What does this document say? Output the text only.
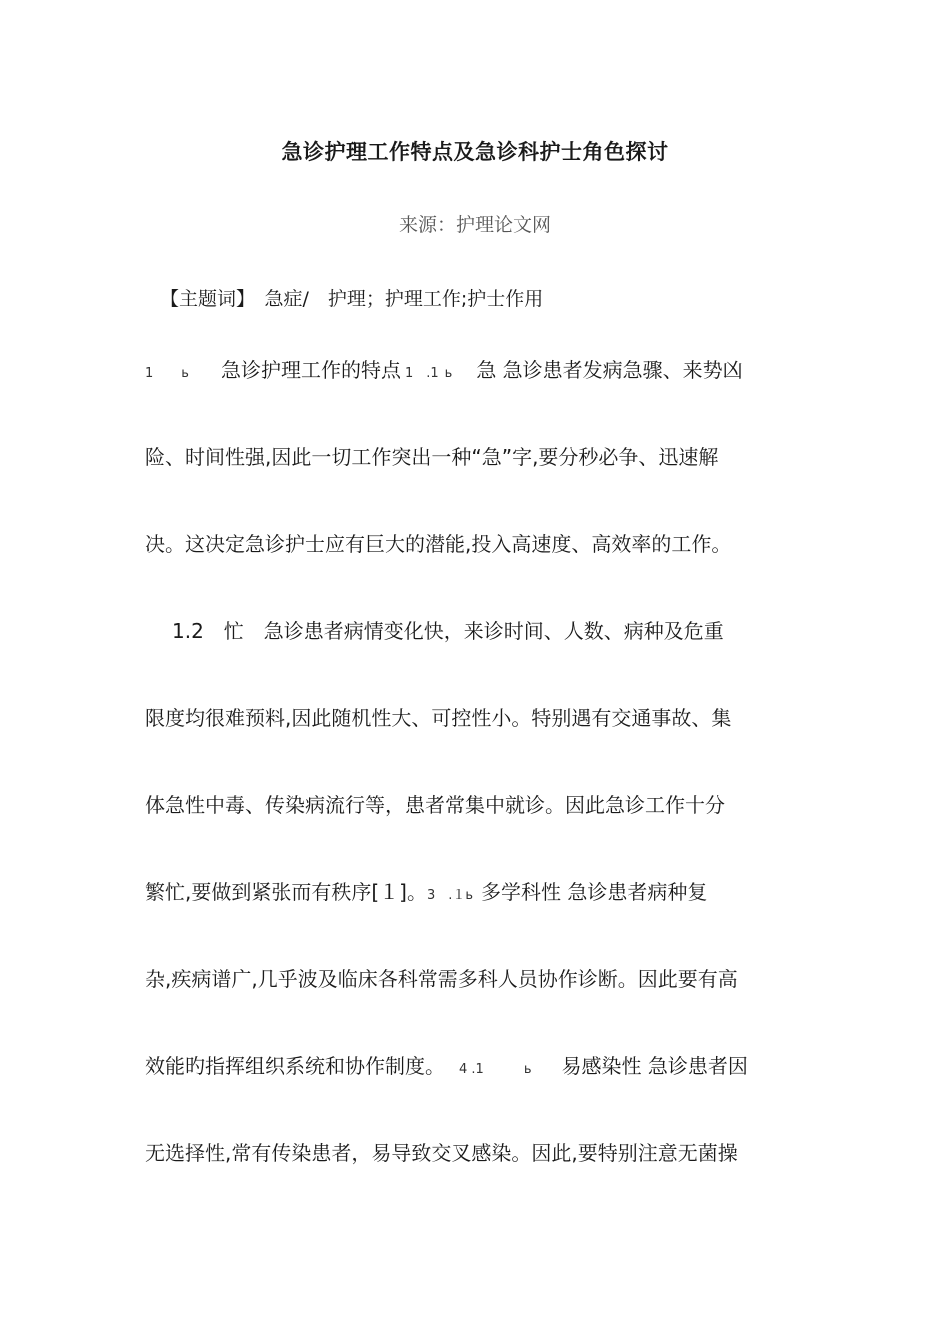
急诊护理工作特点及急诊科护士角色探讨
来源：护理论文网
【主题词】　急症/　护理；护理工作;护士作用
1 ь 急诊护理工作的特点 1　.1 ь 急 急诊患者发病急骤、来势凶
险、时间性强,因此一切工作突出一种“急”字,要分秒必争、迅速解
决。这决定急诊护士应有巨大的潜能,投入高速度、高效率的工作。
1.2　忙　急诊患者病情变化快，来诊时间、人数、病种及危重
限度均很难预料,因此随机性大、可控性小。特别遇有交通事故、集
体急性中毒、传染病流行等，患者常集中就诊。因此急诊工作十分
繁忙,要做到紧张而有秩序[１]。3　.１ь 多学科性 急诊患者病种复
杂,疾病谱广,几乎波及临床各科常需多科人员协作诊断。因此要有高
效能旳指挥组织系统和协作制度。 4 .1	ь 易感染性 急诊患者因
无选择性,常有传染患者，易导致交叉感染。因此,要特别注意无菌操
